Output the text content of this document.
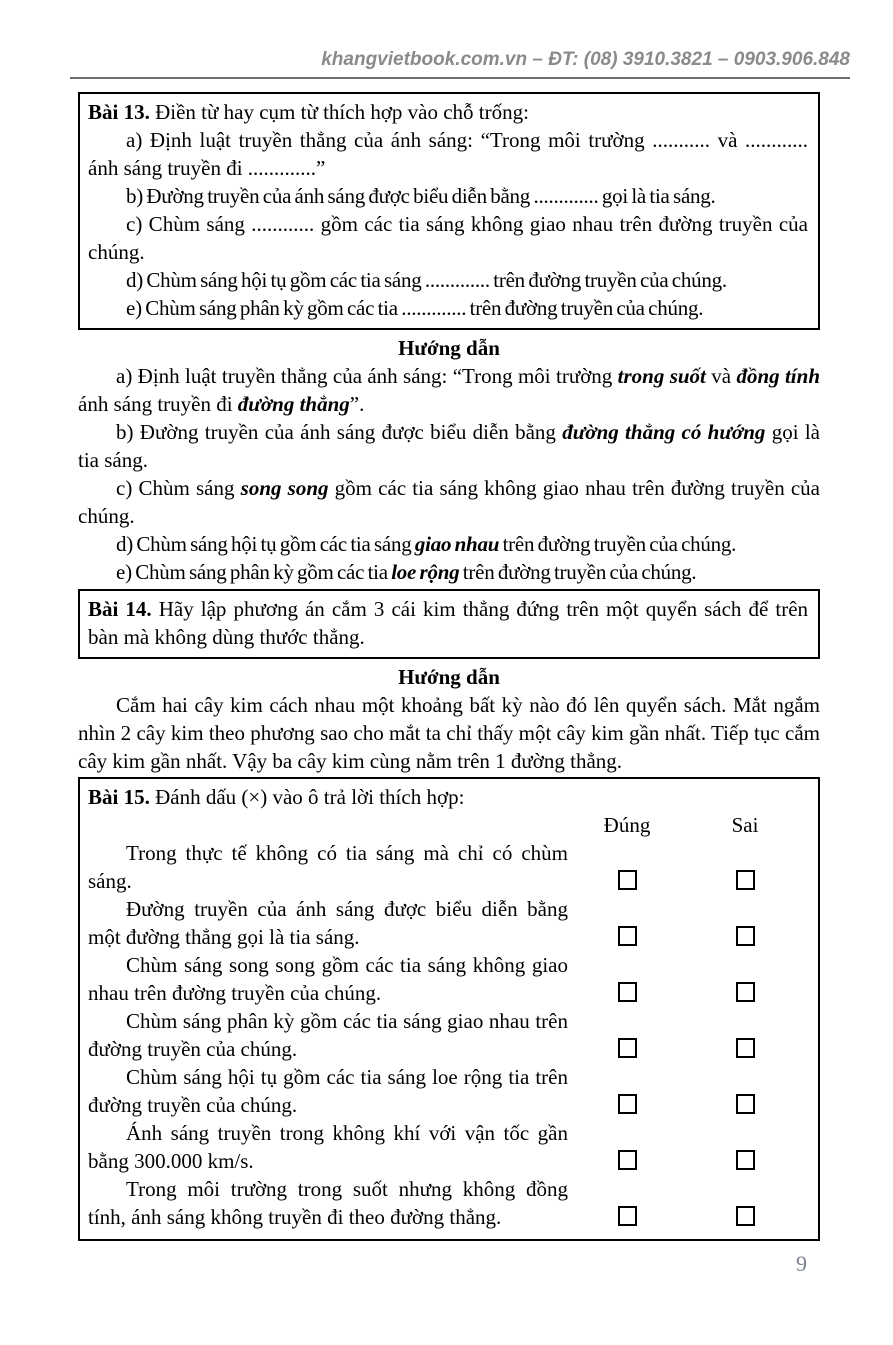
khangvietbook.com.vn – ĐT: (08) 3910.3821 – 0903.906.848

Bài 13. Điền từ hay cụm từ thích hợp vào chỗ trống:

a) Định luật truyền thẳng của ánh sáng: “Trong môi trường ........... và ............ ánh sáng truyền đi .............”

b) Đường truyền của ánh sáng được biểu diễn bằng ............. gọi là tia sáng.

c) Chùm sáng ............ gồm các tia sáng không giao nhau trên đường truyền của chúng.

d) Chùm sáng hội tụ gồm các tia sáng ............. trên đường truyền của chúng.

e) Chùm sáng phân kỳ gồm các tia ............. trên đường truyền của chúng.

Hướng dẫn

a) Định luật truyền thẳng của ánh sáng: “Trong môi trường trong suốt và đồng tính ánh sáng truyền đi đường thẳng”.

b) Đường truyền của ánh sáng được biểu diễn bằng đường thẳng có hướng gọi là tia sáng.

c) Chùm sáng song song gồm các tia sáng không giao nhau trên đường truyền của chúng.

d) Chùm sáng hội tụ gồm các tia sáng giao nhau trên đường truyền của chúng.

e) Chùm sáng phân kỳ gồm các tia loe rộng trên đường truyền của chúng.

Bài 14. Hãy lập phương án cắm 3 cái kim thẳng đứng trên một quyển sách để trên bàn mà không dùng thước thẳng.

Hướng dẫn

Cắm hai cây kim cách nhau một khoảng bất kỳ nào đó lên quyển sách. Mắt ngắm nhìn 2 cây kim theo phương sao cho mắt ta chỉ thấy một cây kim gần nhất. Tiếp tục cắm cây kim gần nhất. Vậy ba cây kim cùng nằm trên 1 đường thẳng.

Bài 15. Đánh dấu (×) vào ô trả lời thích hợp:

Đúng	Sai

Trong thực tế không có tia sáng mà chỉ có chùm sáng.

Đường truyền của ánh sáng được biểu diễn bằng một đường thẳng gọi là tia sáng.

Chùm sáng song song gồm các tia sáng không giao nhau trên đường truyền của chúng.

Chùm sáng phân kỳ gồm các tia sáng giao nhau trên đường truyền của chúng.

Chùm sáng hội tụ gồm các tia sáng loe rộng tia trên đường truyền của chúng.

Ánh sáng truyền trong không khí với vận tốc gần bằng 300.000 km/s.

Trong môi trường trong suốt nhưng không đồng tính, ánh sáng không truyền đi theo đường thẳng.

9
